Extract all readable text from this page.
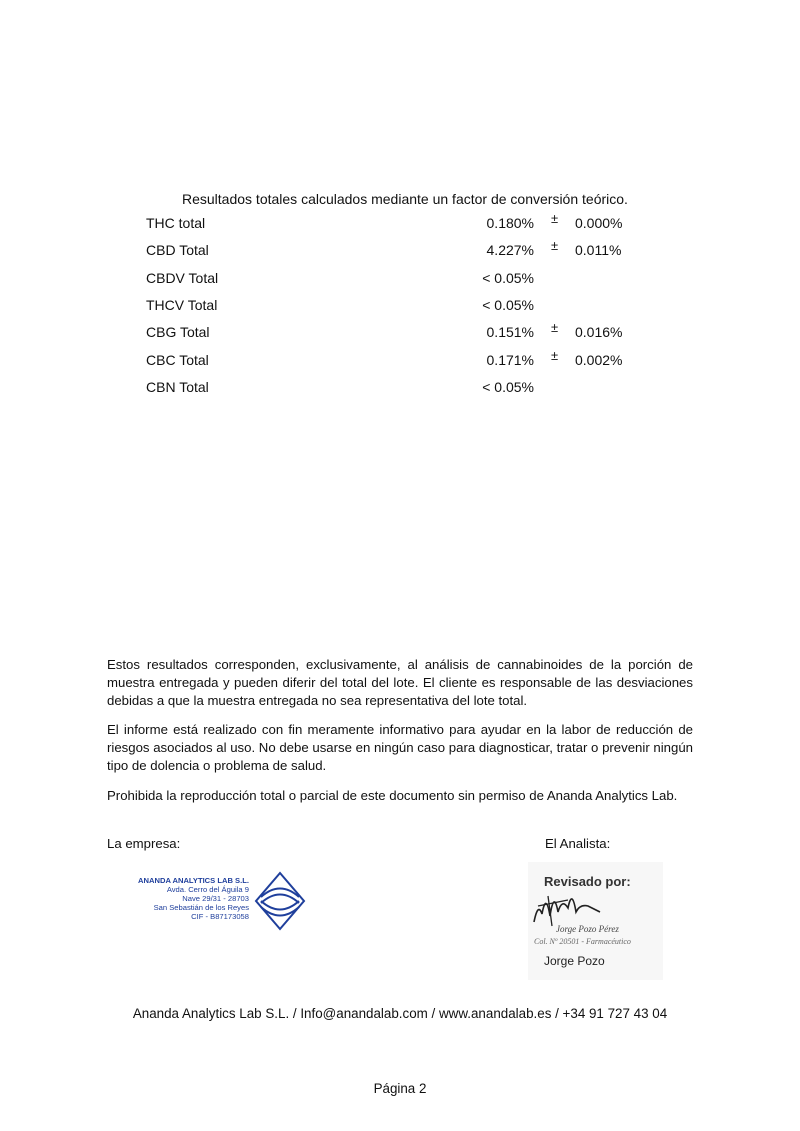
Resultados totales calculados mediante un factor de conversión teórico.
THC total	0.180% ± 0.000%
CBD Total	4.227% ± 0.011%
CBDV Total	< 0.05%
THCV Total	< 0.05%
CBG Total	0.151% ± 0.016%
CBC Total	0.171% ± 0.002%
CBN Total	< 0.05%

Estos resultados corresponden, exclusivamente, al análisis de cannabinoides de la porción de muestra entregada y pueden diferir del total del lote. El cliente es responsable de las desviaciones debidas a que la muestra entregada no sea representativa del lote total.

El informe está realizado con fin meramente informativo para ayudar en la labor de reducción de riesgos asociados al uso. No debe usarse en ningún caso para diagnosticar, tratar o prevenir ningún tipo de dolencia o problema de salud.

Prohibida la reproducción total o parcial de este documento sin permiso de Ananda Analytics Lab.

La empresa:	El Analista:
ANANDA ANALYTICS LAB S.L.
Avda. Cerro del Águila 9
Nave 29/31 - 28703
San Sebastián de los Reyes
CIF - B87173058
Revisado por:
Jorge Pozo Pérez
Col. Nº 20501 - Farmacéutico
Jorge Pozo
Ananda Analytics Lab S.L. / Info@anandalab.com / www.anandalab.es / +34 91 727 43 04
Página 2
